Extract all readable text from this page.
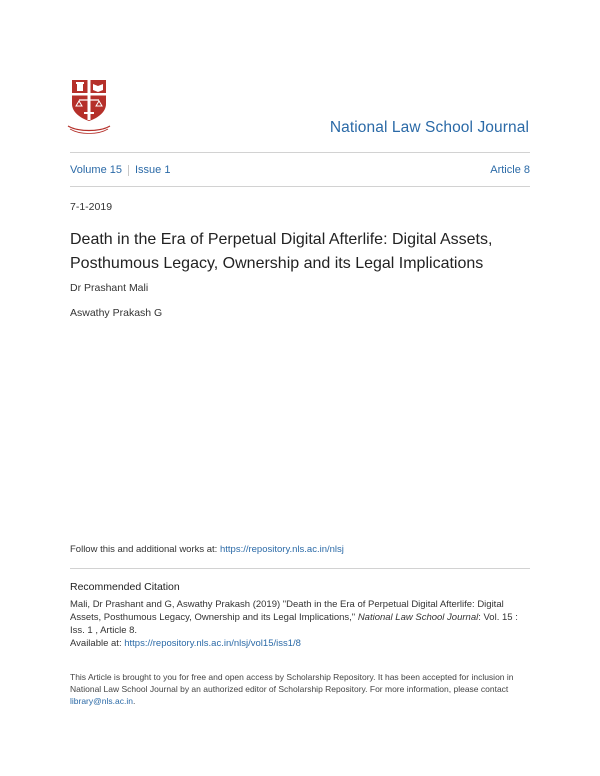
National Law School Journal
Volume 15 Issue 1	Article 8
7-1-2019
Death in the Era of Perpetual Digital Afterlife: Digital Assets,
Posthumous Legacy, Ownership and its Legal Implications
Dr Prashant Mali
Aswathy Prakash G
Follow this and additional works at: https://repository.nls.ac.in/nlsj
Recommended Citation
Mali, Dr Prashant and G, Aswathy Prakash (2019) "Death in the Era of Perpetual Digital Afterlife: Digital
Assets, Posthumous Legacy, Ownership and its Legal Implications," National Law School Journal: Vol. 15 :
Iss. 1 , Article 8.
Available at: https://repository.nls.ac.in/nlsj/vol15/iss1/8
This Article is brought to you for free and open access by Scholarship Repository. It has been accepted for inclusion in National Law School Journal by an authorized editor of Scholarship Repository. For more information, please contact library@nls.ac.in.
